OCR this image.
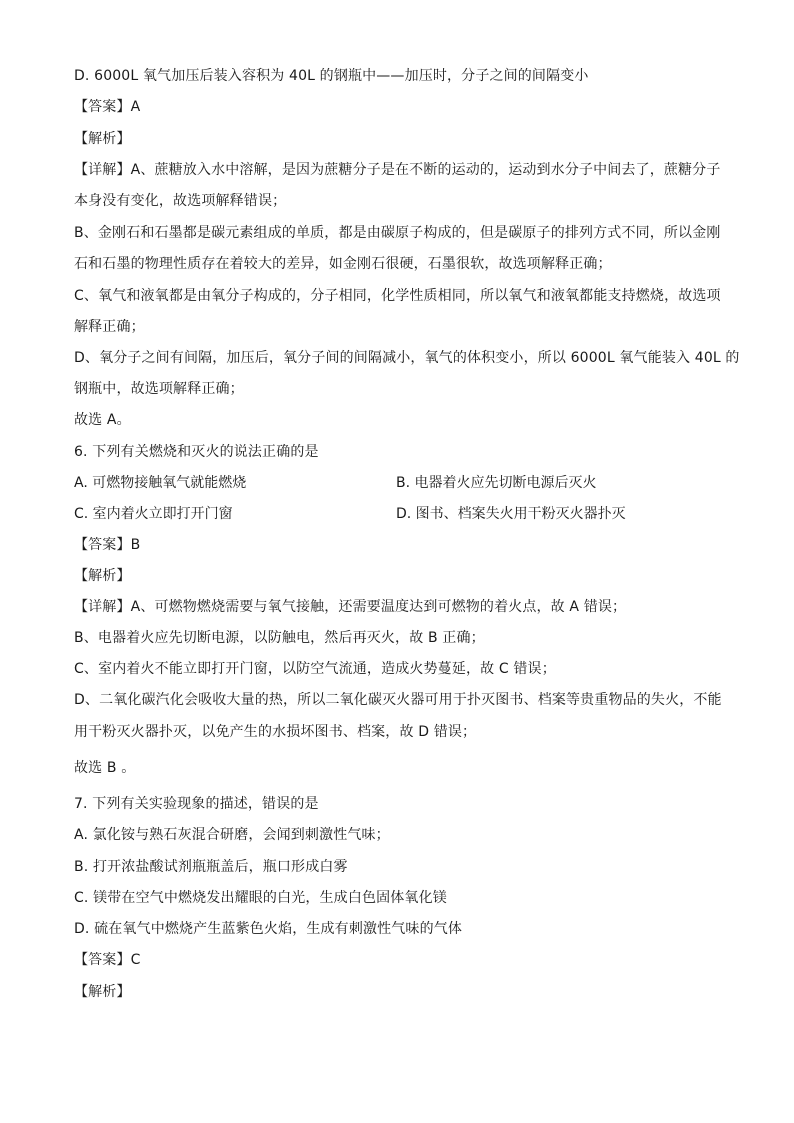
D. 6000L 氧气加压后装入容积为 40L 的钢瓶中——加压时，分子之间的间隔变小
【答案】A
【解析】
【详解】A、蔗糖放入水中溶解，是因为蔗糖分子是在不断的运动的，运动到水分子中间去了，蔗糖分子
本身没有变化，故选项解释错误；
B、金刚石和石墨都是碳元素组成的单质，都是由碳原子构成的，但是碳原子的排列方式不同，所以金刚
石和石墨的物理性质存在着较大的差异，如金刚石很硬，石墨很软，故选项解释正确；
C、氧气和液氧都是由氧分子构成的，分子相同，化学性质相同，所以氧气和液氧都能支持燃烧，故选项
解释正确；
D、氧分子之间有间隔，加压后，氧分子间的间隔减小，氧气的体积变小，所以 6000L 氧气能装入 40L 的
钢瓶中，故选项解释正确；
故选 A。
6. 下列有关燃烧和灭火的说法正确的是
A. 可燃物接触氧气就能燃烧	B. 电器着火应先切断电源后灭火
C. 室内着火立即打开门窗	D. 图书、档案失火用干粉灭火器扑灭
【答案】B
【解析】
【详解】A、可燃物燃烧需要与氧气接触，还需要温度达到可燃物的着火点，故 A 错误；
B、电器着火应先切断电源，以防触电，然后再灭火，故 B 正确；
C、室内着火不能立即打开门窗，以防空气流通，造成火势蔓延，故 C 错误；
D、二氧化碳汽化会吸收大量的热，所以二氧化碳灭火器可用于扑灭图书、档案等贵重物品的失火，不能
用干粉灭火器扑灭，以免产生的水损坏图书、档案，故 D 错误；
故选 B 。
7. 下列有关实验现象的描述，错误的是
A. 氯化铵与熟石灰混合研磨，会闻到刺激性气味；
B. 打开浓盐酸试剂瓶瓶盖后，瓶口形成白雾
C. 镁带在空气中燃烧发出耀眼的白光，生成白色固体氧化镁
D. 硫在氧气中燃烧产生蓝紫色火焰，生成有刺激性气味的气体
【答案】C
【解析】
